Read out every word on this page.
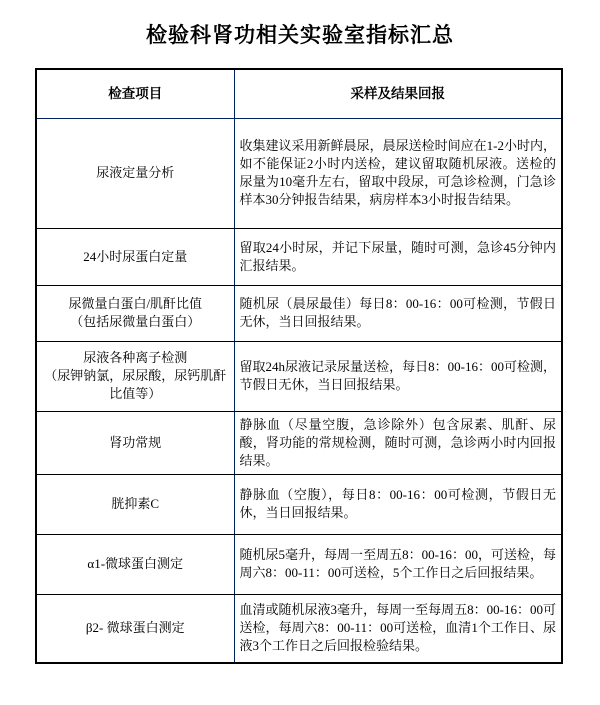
检验科肾功相关实验室指标汇总
检查项目	采样及结果回报

尿液定量分析	收集建议采用新鲜晨尿，晨尿送检时间应在1-2小时内，如不能保证2小时内送检，建议留取随机尿液。送检的尿量为10毫升左右，留取中段尿，可急诊检测，门急诊样本30分钟报告结果，病房样本3小时报告结果。

24小时尿蛋白定量	留取24小时尿，并记下尿量，随时可测，急诊45分钟内汇报结果。

尿微量白蛋白/肌酐比值
（包括尿微量白蛋白）	随机尿（晨尿最佳）每日8：00-16：00可检测，节假日无休，当日回报结果。

尿液各种离子检测
（尿钾钠氯，尿尿酸，尿钙肌酐
比值等）	留取24h尿液记录尿量送检，每日8：00-16：00可检测，节假日无休，当日回报结果。

肾功常规	静脉血（尽量空腹，急诊除外）包含尿素、肌酐、尿酸，肾功能的常规检测，随时可测，急诊两小时内回报结果。

胱抑素C	静脉血（空腹），每日8：00-16：00可检测，节假日无休，当日回报结果。

α1-微球蛋白测定	随机尿5毫升，每周一至周五8：00-16：00，可送检，每周六8：00-11：00可送检，5个工作日之后回报结果。

β2- 微球蛋白测定	血清或随机尿液3毫升，每周一至每周五8：00-16：00可送检，每周六8：00-11：00可送检，血清1个工作日、尿液3个工作日之后回报检验结果。
